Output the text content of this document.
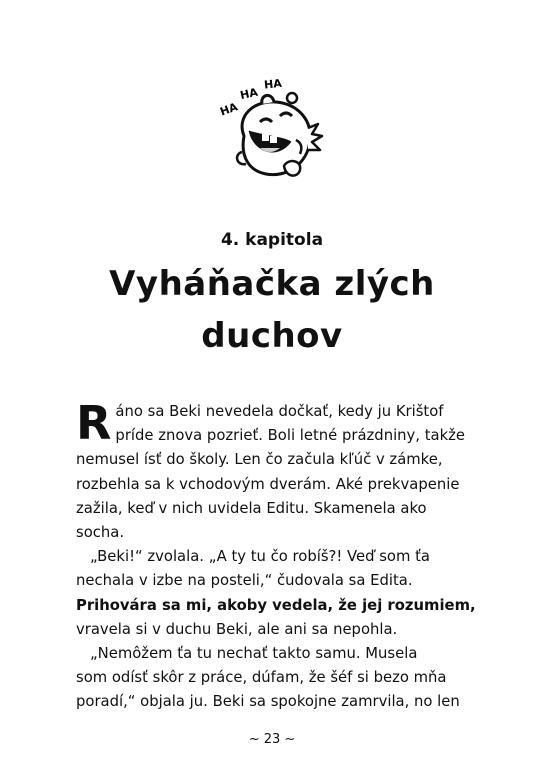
HA
HA
HA
4. kapitola
Vyháňačka zlých
duchov

R áno sa Beki nevedela dočkať, kedy ju Krištof
príde znova pozrieť. Boli letné prázdniny, takže
nemusel ísť do školy. Len čo začula kľúč v zámke,
rozbehla sa k vchodovým dverám. Aké prekvapenie
zažila, keď v nich uvidela Editu. Skamenela ako
socha.

„Beki!“ zvolala. „A ty tu čo robíš?! Veď som ťa
nechala v izbe na posteli,“ čudovala sa Edita.
Prihovára sa mi, akoby vedela, že jej rozumiem,
vravela si v duchu Beki, ale ani sa nepohla.

„Nemôžem ťa tu nechať takto samu. Musela
som odísť skôr z práce, dúfam, že šéf si bezo mňa
poradí,“ objala ju. Beki sa spokojne zamrvila, no len

~ 23 ~
